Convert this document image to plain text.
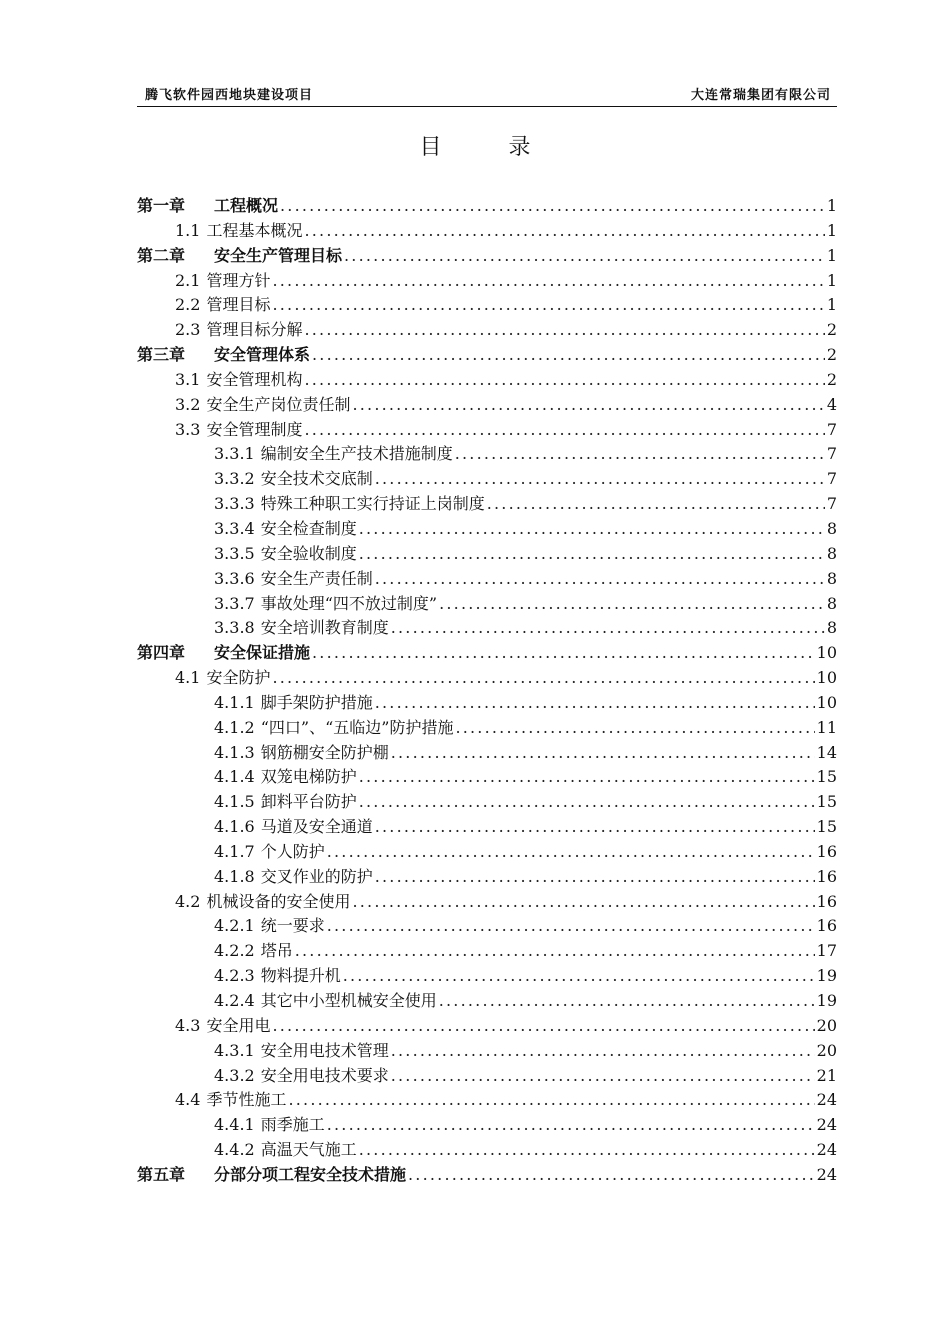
腾飞软件园西地块建设项目	大连常瑞集团有限公司
目 录
第一章	工程概况 .....	1
1.1 工程基本概况 .....	1
第二章	安全生产管理目标 .....	1
2.1 管理方针 .....	1
2.2 管理目标 .....	1
2.3 管理目标分解 .....	2
第三章	安全管理体系 .....	2
3.1 安全管理机构 .....	2
3.2 安全生产岗位责任制 .....	4
3.3 安全管理制度 .....	7
3.3.1 编制安全生产技术措施制度 .....	7
3.3.2 安全技术交底制 .....	7
3.3.3 特殊工种职工实行持证上岗制度 .....	7
3.3.4 安全检查制度 .....	8
3.3.5 安全验收制度 .....	8
3.3.6 安全生产责任制 .....	8
3.3.7 事故处理“四不放过制度” .....	8
3.3.8 安全培训教育制度 .....	8
第四章	安全保证措施 .....	10
4.1 安全防护 .....	10
4.1.1 脚手架防护措施 .....	10
4.1.2 “四口”、“五临边”防护措施 .....	11
4.1.3 钢筋棚安全防护棚 .....	14
4.1.4 双笼电梯防护 .....	15
4.1.5 卸料平台防护 .....	15
4.1.6 马道及安全通道 .....	15
4.1.7 个人防护 .....	16
4.1.8 交叉作业的防护 .....	16
4.2 机械设备的安全使用 .....	16
4.2.1 统一要求 .....	16
4.2.2 塔吊 .....	17
4.2.3 物料提升机 .....	19
4.2.4 其它中小型机械安全使用 .....	19
4.3 安全用电 .....	20
4.3.1 安全用电技术管理 .....	20
4.3.2 安全用电技术要求 .....	21
4.4 季节性施工 .....	24
4.4.1 雨季施工 .....	24
4.4.2 高温天气施工 .....	24
第五章	分部分项工程安全技术措施 .....	24
